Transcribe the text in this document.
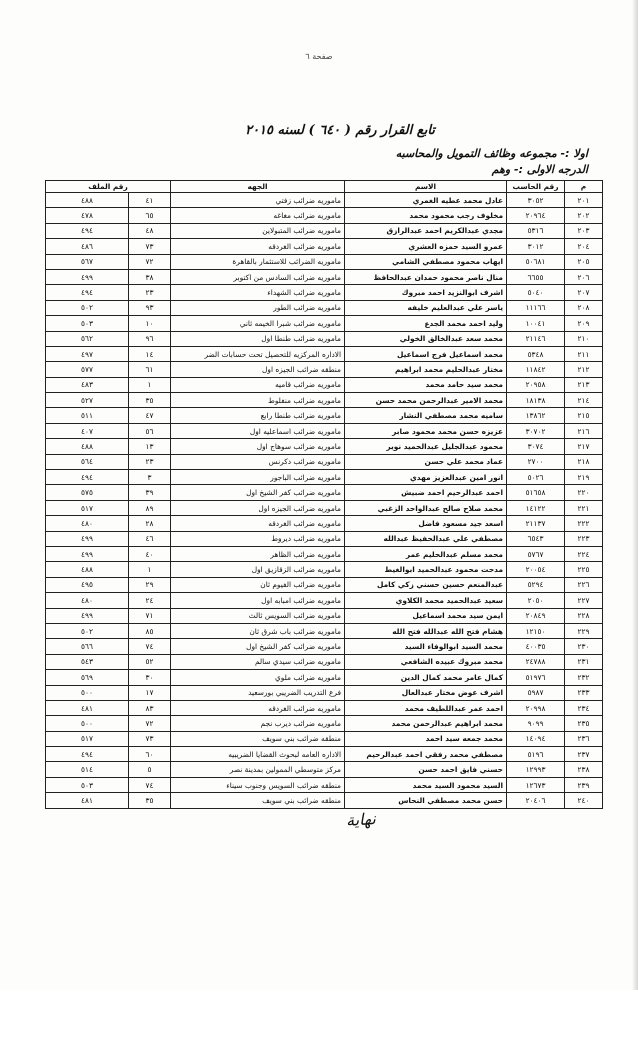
صفحة ٦
تابع القرار رقم ( ٦٤٠ ) لسنه ٢٠١٥
اولا :- مجموعه وظائف التمويل والمحاسبه
الدرجه الاولى :- وهم
م	رقم الحاسب	الاسم	الجهه	رقم الملف	
٢٠١	٣٠٥٢	عادل محمد عطيه الغمري	ماموريه ضرائب زفتي	٤١	٤٨٨
٢٠٢	٢٠٩٦٤	مخلوف رجب محمود محمد	ماموريه ضرائب مغاغه	٦٥	٤٧٨
٢٠٣	٥٣١٦	مجدي عبدالكريم احمد عبدالرازق	ماموريه ضرائب المتبولاين	٤٨	٤٩٤
٢٠٤	٣٠١٢	عمرو السيد حمزه العشري	ماموريه ضرائب الغردقه	٧٣	٤٨٦
٢٠٥	٥٠٦٨١	ايهاب محمود مصطفي الشامي	ماموريه الضرائب للاستثمار بالقاهرة	٧٢	٥٦٧
٢٠٦	٦٦٥٥	منال ناصر محمود حمدان عبدالحافظ	ماموريه ضرائب السادس من اكتوبر	٣٨	٤٩٩
٢٠٧	٥٠٤٠	اشرف ابوالنزيد احمد مبروك	ماموريه ضرائب الشهداء	٢٣	٤٩٤
٢٠٨	١١١٦٦	ياسر علي عبدالعليم خليفه	ماموريه ضرائب الطور	٩٣	٥٠٢
٢٠٩	١٠٠٤١	وليد احمد محمد الجدع	ماموريه ضرائب شبرا الخيمه ثاني	١٠	٥٠٣
٢١٠	٢١١٤٦	محمد سعد عبدالخالق الخولي	ماموريه ضرائب طنطا اول	٩٦	٥٦٢
٢١١	٥٣٤٨	محمد اسماعيل فرج اسماعيل	الاداره المركزيه للتحصيل تحت حسابات الضر	١٤	٤٩٧
٢١٢	١١٨٤٢	مختار عبدالحليم محمد ابراهيم	منطقه ضرائب الجيزه اول	٦١	٥٧٧
٢١٣	٢٠٩٥٨	محمد سيد حامد محمد	ماموريه ضرائب قاميه	١	٤٨٣
٢١٤	١٨١٣٨	محمد الامير عبدالرحمن محمد حسن	ماموريه ضرائب منفلوط	٣٥	٥٢٧
٢١٥	١٣٨٦٢	ساميه محمد مصطفي النشار	ماموريه ضرائب طنطا رابع	٤٧	٥١١
٢١٦	٣٠٧٠٢	عزيزه حسن محمد محمود صابر	ماموريه ضرائب اسماعليه اول	٥٦	٤٠٧
٢١٧	٣٠٧٤	محمود عبدالجليل عبدالحميد نوير	ماموريه ضرائب سوهاج اول	١٣	٤٨٨
٢١٨	٢٧٠٠	عماد محمد علي حسن	ماموريه ضرائب دكرنس	٢٣	٥٦٤
٢١٩	٥٠٢٦	انور امين عبدالعزيز مهدي	ماموريه ضرائب الباجور	٣	٤٩٤
٢٢٠	٥١٦٥٨	احمد عبدالرحيم احمد ضبيش	ماموريه ضرائب كفر الشيخ اول	٣٩	٥٧٥
٢٢١	١٤١٢٢	محمد صلاح صالح عبدالواحد الزغبي	ماموريه ضرائب الجيزه اول	٨٩	٥١٧
٢٢٢	٢١١٣٧	اسعد جيد مسعود فاضل	ماموريه ضرائب الغردقه	٢٨	٤٨٠
٢٢٣	٦٥٤٣	مصطفي علي عبدالحفيظ عبدالله	ماموريه ضرائب ديروط	٤٦	٤٩٩
٢٢٤	٥٧٦٧	محمد مسلم عبدالحليم عمر	ماموريه ضرائب الظاهر	٤٠	٤٩٩
٢٢٥	٢٠٠٥٤	مدحت محمود عبدالحميد ابوالغيط	ماموريه ضرائب الزقازيق اول	١	٤٨٨
٢٢٦	٥٢٩٤	عبدالمنعم حسين حسني زكي كامل	ماموريه ضرائب الفيوم ثان	٢٩	٤٩٥
٢٢٧	٢٠٥٠	سعيد عبدالحميد محمد الكلاوي	ماموريه ضرائب امبابه اول	٢٤	٤٨٠
٢٢٨	٢٠٨٤٩	ايمن سيد محمد اسماعيل	ماموريه ضرائب السويس ثالث	٧١	٤٩٩
٢٢٩	١٢١٥٠	هشام فتح الله عبدالله فتح الله	ماموريه ضرائب باب شرق ثان	٨٥	٥٠٢
٢٣٠	٤٠٠٣٥	محمد السيد ابوالوفاء السيد	ماموريه ضرائب كفر الشيخ اول	٧٤	٥٦٦
٢٣١	٢٤٧٨٨	محمد مبروك عبيده الشافعي	ماموريه ضرائب سيدي سالم	٥٢	٥٤٣
٢٣٢	٥١٩٧٦	كمال عامر محمد كمال الدين	ماموريه ضرائب ملوي	٣٠	٥٦٩
٢٣٣	٥٩٨٧	اشرف عوض مختار عبدالعال	فرع التدريب الضريبي بورسعيد	١٧	٥٠٠
٢٣٤	٢٠٩٩٨	احمد عمر عبداللطيف محمد	ماموريه ضرائب الغردقه	٨٣	٤٨١
٢٣٥	٩٠٩٩	محمد ابراهيم عبدالرحمن محمد	ماموريه ضرائب ديرب نجم	٧٢	٥٠٠
٢٣٦	١٤٠٩٤	محمد جمعه سيد احمد	منطقه ضرائب بني سويف	٧٣	٥١٧
٢٣٧	٥١٩٦	مصطفي محمد رفقي احمد عبدالرحيم	الاداره العامه لبحوث القضايا الضريبيه	٦٠	٤٩٤
٢٣٨	١٢٩٩٣	حسني فايق احمد حسن	مركز متوسطي الممولين بمدينة نصر	٥	٥١٤
٢٣٩	١٢٦٧٣	السيد محمود السيد محمد	منطقه ضرائب السويس وجنوب سيناء	٧٤	٥٠٣
٢٤٠	٢٠٤٠٦	حسن محمد مصطفي النحاس	منطقه ضرائب بني سويف	٣٥	٤٨١
نهاية
